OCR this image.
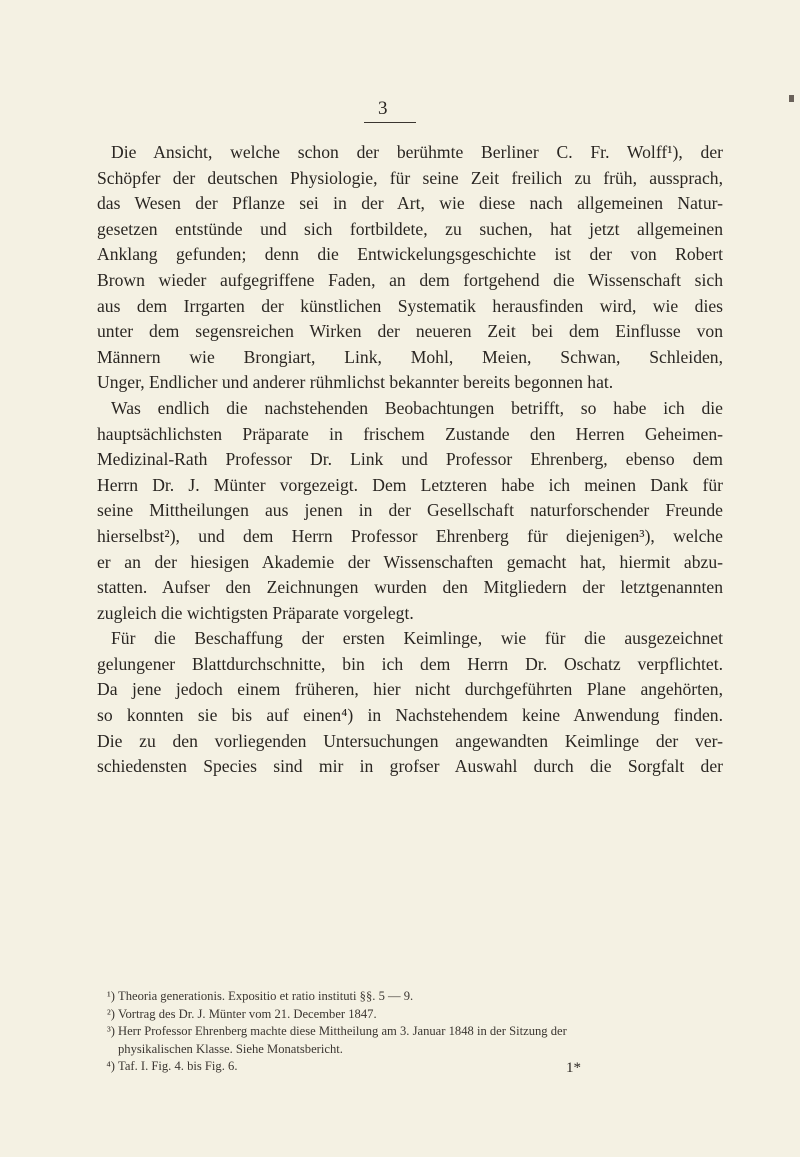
3
Die Ansicht, welche schon der berühmte Berliner C. Fr. Wolff¹), der
Schöpfer der deutschen Physiologie, für seine Zeit freilich zu früh, aussprach,
das Wesen der Pflanze sei in der Art, wie diese nach allgemeinen Natur-
gesetzen entstünde und sich fortbildete, zu suchen, hat jetzt allgemeinen
Anklang gefunden; denn die Entwickelungsgeschichte ist der von Robert
Brown wieder aufgegriffene Faden, an dem fortgehend die Wissenschaft sich
aus dem Irrgarten der künstlichen Systematik herausfinden wird, wie dies
unter dem segensreichen Wirken der neueren Zeit bei dem Einflusse von
Männern wie Brongiart, Link, Mohl, Meien, Schwan, Schleiden,
Unger, Endlicher und anderer rühmlichst bekannter bereits begonnen hat.
Was endlich die nachstehenden Beobachtungen betrifft, so habe ich die
hauptsächlichsten Präparate in frischem Zustande den Herren Geheimen-
Medizinal-Rath Professor Dr. Link und Professor Ehrenberg, ebenso dem
Herrn Dr. J. Münter vorgezeigt. Dem Letzteren habe ich meinen Dank für
seine Mittheilungen aus jenen in der Gesellschaft naturforschender Freunde
hierselbst²), und dem Herrn Professor Ehrenberg für diejenigen³), welche
er an der hiesigen Akademie der Wissenschaften gemacht hat, hiermit abzu-
statten. Aufser den Zeichnungen wurden den Mitgliedern der letztgenannten
zugleich die wichtigsten Präparate vorgelegt.
Für die Beschaffung der ersten Keimlinge, wie für die ausgezeichnet
gelungener Blattdurchschnitte, bin ich dem Herrn Dr. Oschatz verpflichtet.
Da jene jedoch einem früheren, hier nicht durchgeführten Plane angehörten,
so konnten sie bis auf einen⁴) in Nachstehendem keine Anwendung finden.
Die zu den vorliegenden Untersuchungen angewandten Keimlinge der ver-
schiedensten Species sind mir in grofser Auswahl durch die Sorgfalt der
¹) Theoria generationis. Expositio et ratio instituti §§. 5 — 9.
²) Vortrag des Dr. J. Münter vom 21. December 1847.
³) Herr Professor Ehrenberg machte diese Mittheilung am 3. Januar 1848 in der Sitzung der
physikalischen Klasse. Siehe Monatsbericht.
⁴) Taf. I. Fig. 4. bis Fig. 6.	1*
